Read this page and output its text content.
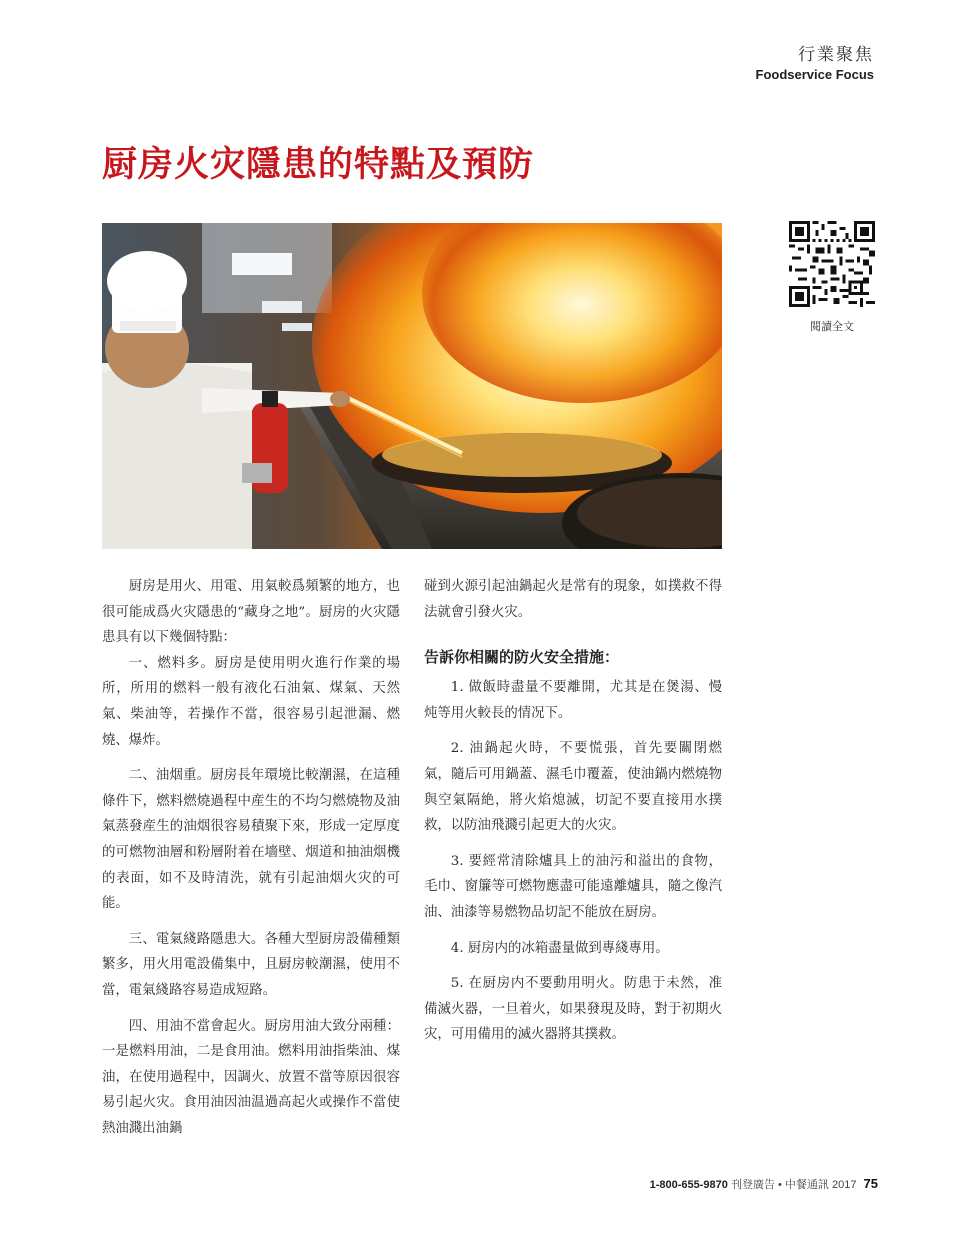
行業聚焦
Foodservice Focus
厨房火灾隱患的特點及預防
閱讀全文

厨房是用火、用電、用氣較爲頻繁的地方，也很可能成爲火灾隱患的“藏身之地”。厨房的火灾隱患具有以下幾個特點：

一、燃料多。厨房是使用明火進行作業的場所，所用的燃料一般有液化石油氣、煤氣、天然氣、柴油等，若操作不當，很容易引起泄漏、燃燒、爆炸。

二、油烟重。厨房長年環境比較潮濕，在這種條件下，燃料燃燒過程中産生的不均匀燃燒物及油氣蒸發産生的油烟很容易積聚下來，形成一定厚度的可燃物油層和粉層附着在墻壁、烟道和抽油烟機的表面，如不及時清洗，就有引起油烟火灾的可能。

三、電氣綫路隱患大。各種大型厨房設備種類繁多，用火用電設備集中，且厨房較潮濕，使用不當，電氣綫路容易造成短路。

四、用油不當會起火。厨房用油大致分兩種：一是燃料用油，二是食用油。燃料用油指柴油、煤油，在使用過程中，因調火、放置不當等原因很容易引起火灾。食用油因油温過高起火或操作不當使熱油濺出油鍋

碰到火源引起油鍋起火是常有的現象，如撲救不得法就會引發火灾。

告訴你相關的防火安全措施：

1. 做飯時盡量不要離開，尤其是在煲湯、慢炖等用火較長的情况下。

2. 油鍋起火時，不要慌張，首先要關閉燃氣，隨后可用鍋蓋、濕毛巾覆蓋，使油鍋内燃燒物與空氣隔絶，將火焰熄滅，切記不要直接用水撲救，以防油飛濺引起更大的火灾。

3. 要經常清除爐具上的油污和溢出的食物，毛巾、窗簾等可燃物應盡可能遠離爐具，隨之像汽油、油漆等易燃物品切記不能放在厨房。

4. 厨房内的冰箱盡量做到專綫專用。

5. 在厨房内不要動用明火。防患于未然，准備滅火器，一旦着火，如果發現及時，對于初期火灾，可用備用的滅火器將其撲救。

1-800-655-9870 刊登廣告 • 中餐通訊 2017 75
